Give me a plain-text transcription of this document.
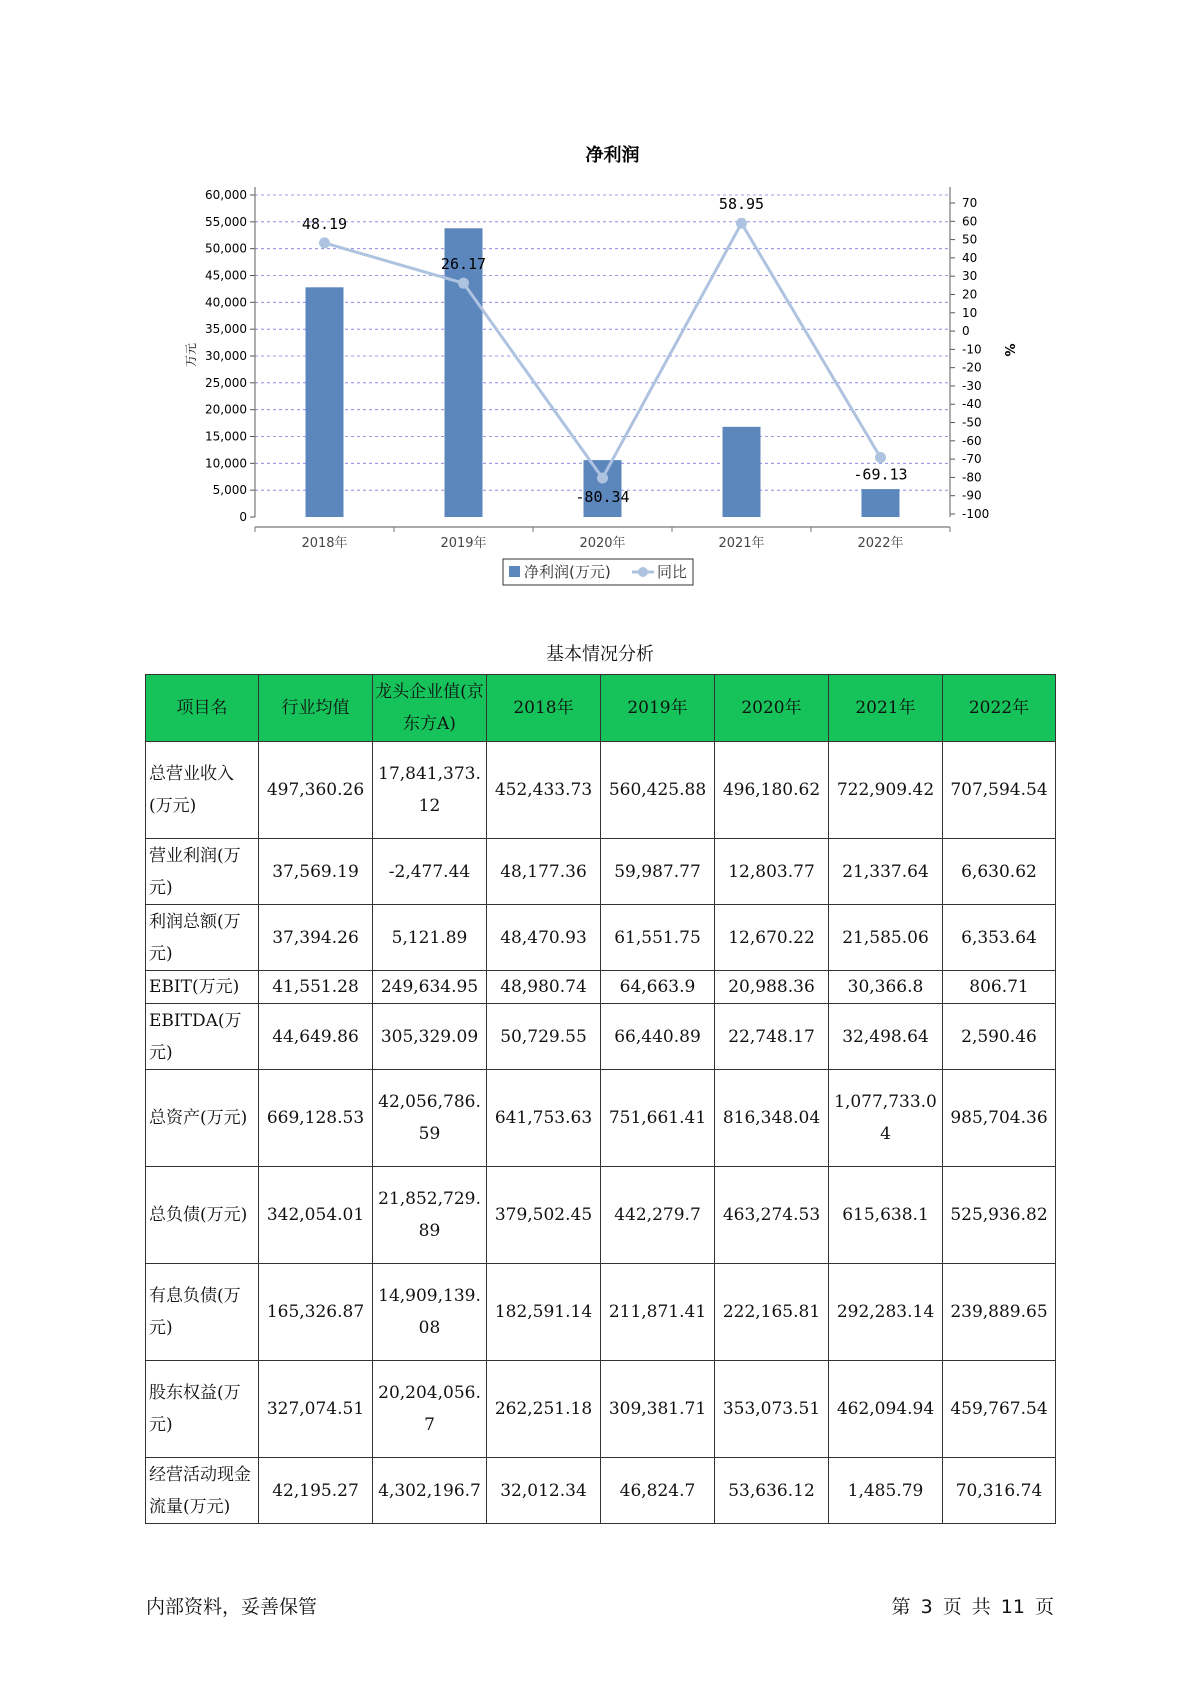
净利润
0
5,000
10,000
15,000
20,000
25,000
30,000
35,000
40,000
45,000
50,000
55,000
60,000
70
60
50
40
30
20
10
0
-10
-20
-30
-40
-50
-60
-70
-80
-90
-100
万元	%
2018年	2019年	2020年	2021年	2022年
48.19
26.17
-80.34
58.95
-69.13
净利润(万元)	同比
基本情况分析
项目名	行业均值	龙头企业值(京东方A)	2018年	2019年	2020年	2021年	2022年
总营业收入(万元)	497,360.26	17,841,373.12	452,433.73	560,425.88	496,180.62	722,909.42	707,594.54
营业利润(万元)	37,569.19	-2,477.44	48,177.36	59,987.77	12,803.77	21,337.64	6,630.62
利润总额(万元)	37,394.26	5,121.89	48,470.93	61,551.75	12,670.22	21,585.06	6,353.64
EBIT(万元)	41,551.28	249,634.95	48,980.74	64,663.9	20,988.36	30,366.8	806.71
EBITDA(万元)	44,649.86	305,329.09	50,729.55	66,440.89	22,748.17	32,498.64	2,590.46
总资产(万元)	669,128.53	42,056,786.59	641,753.63	751,661.41	816,348.04	1,077,733.04	985,704.36
总负债(万元)	342,054.01	21,852,729.89	379,502.45	442,279.7	463,274.53	615,638.1	525,936.82
有息负债(万元)	165,326.87	14,909,139.08	182,591.14	211,871.41	222,165.81	292,283.14	239,889.65
股东权益(万元)	327,074.51	20,204,056.7	262,251.18	309,381.71	353,073.51	462,094.94	459,767.54
经营活动现金流量(万元)	42,195.27	4,302,196.7	32,012.34	46,824.7	53,636.12	1,485.79	70,316.74
内部资料，妥善保管	第 3 页 共 11 页
